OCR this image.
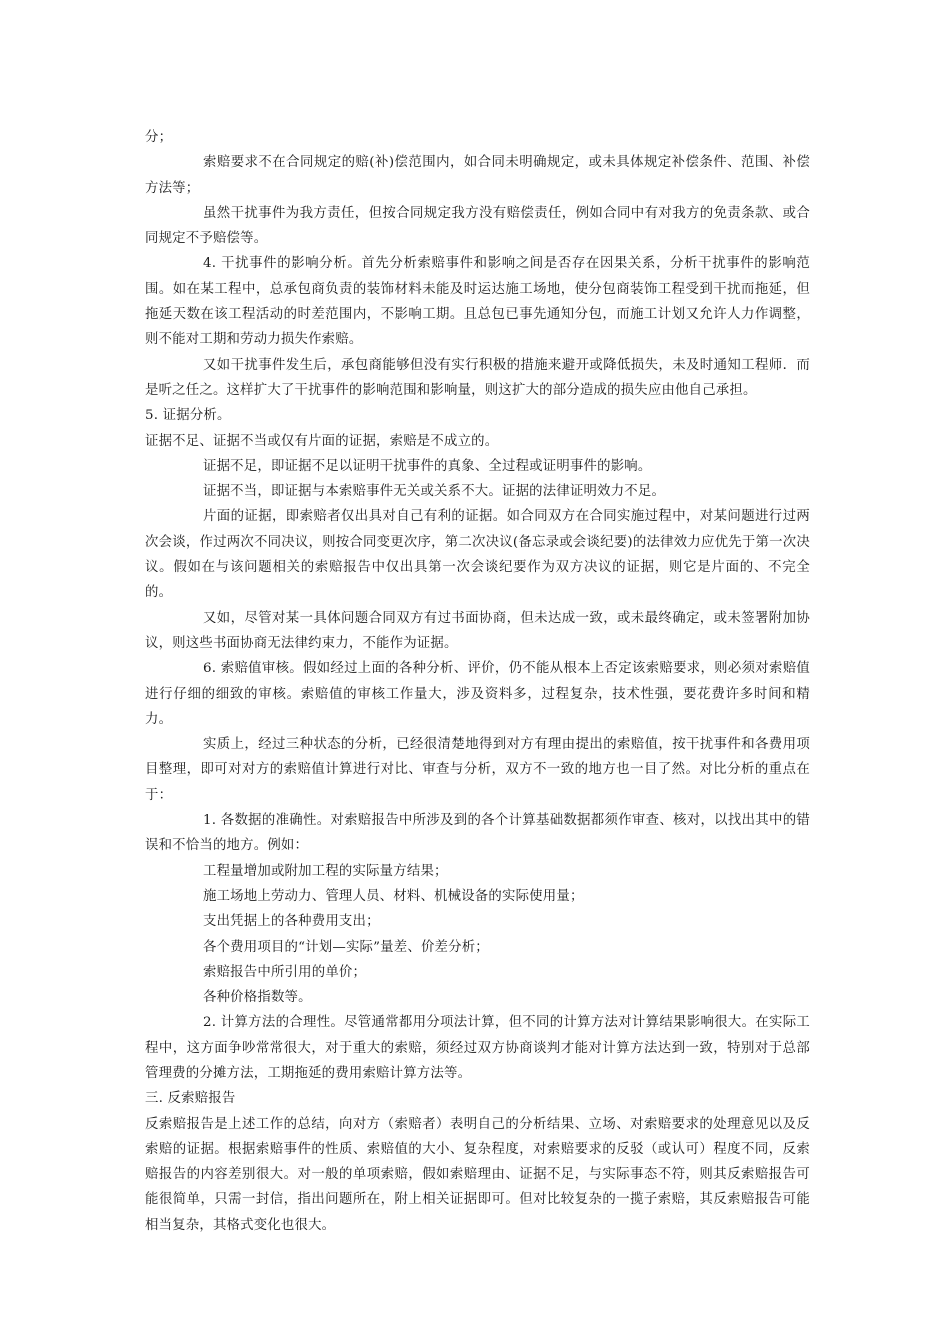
分；

索赔要求不在合同规定的赔(补)偿范围内，如合同未明确规定，或未具体规定补偿条件、范围、补偿方法等；

虽然干扰事件为我方责任，但按合同规定我方没有赔偿责任，例如合同中有对我方的免责条款、或合同规定不予赔偿等。

4. 干扰事件的影响分析。首先分析索赔事件和影响之间是否存在因果关系，分析干扰事件的影响范围。如在某工程中，总承包商负责的装饰材料未能及时运达施工场地，使分包商装饰工程受到干扰而拖延，但拖延天数在该工程活动的时差范围内，不影响工期。且总包已事先通知分包，而施工计划又允许人力作调整，则不能对工期和劳动力损失作索赔。

又如干扰事件发生后，承包商能够但没有实行积极的措施来避开或降低损失，未及时通知工程师．而是听之任之。这样扩大了干扰事件的影响范围和影响量，则这扩大的部分造成的损失应由他自己承担。

5. 证据分析。

证据不足、证据不当或仅有片面的证据，索赔是不成立的。

证据不足，即证据不足以证明干扰事件的真象、全过程或证明事件的影响。

证据不当，即证据与本索赔事件无关或关系不大。证据的法律证明效力不足。

片面的证据，即索赔者仅出具对自己有利的证据。如合同双方在合同实施过程中，对某问题进行过两次会谈，作过两次不同决议，则按合同变更次序，第二次决议(备忘录或会谈纪要)的法律效力应优先于第一次决议。假如在与该问题相关的索赔报告中仅出具第一次会谈纪要作为双方决议的证据，则它是片面的、不完全的。

又如，尽管对某一具体问题合同双方有过书面协商，但未达成一致，或未最终确定，或未签署附加协议，则这些书面协商无法律约束力，不能作为证据。

6. 索赔值审核。假如经过上面的各种分析、评价，仍不能从根本上否定该索赔要求，则必须对索赔值进行仔细的细致的审核。索赔值的审核工作量大，涉及资料多，过程复杂，技术性强，要花费许多时间和精力。

实质上，经过三种状态的分析，已经很清楚地得到对方有理由提出的索赔值，按干扰事件和各费用项目整理，即可对对方的索赔值计算进行对比、审查与分析，双方不一致的地方也一目了然。对比分析的重点在于：

1. 各数据的准确性。对索赔报告中所涉及到的各个计算基础数据都须作审查、核对，以找出其中的错误和不恰当的地方。例如：

工程量增加或附加工程的实际量方结果；

施工场地上劳动力、管理人员、材料、机械设备的实际使用量；

支出凭据上的各种费用支出；

各个费用项目的“计划—实际”量差、价差分析；

索赔报告中所引用的单价；

各种价格指数等。

2. 计算方法的合理性。尽管通常都用分项法计算，但不同的计算方法对计算结果影响很大。在实际工程中，这方面争吵常常很大，对于重大的索赔，须经过双方协商谈判才能对计算方法达到一致，特别对于总部管理费的分摊方法，工期拖延的费用索赔计算方法等。

三. 反索赔报告

反索赔报告是上述工作的总结，向对方（索赔者）表明自己的分析结果、立场、对索赔要求的处理意见以及反索赔的证据。根据索赔事件的性质、索赔值的大小、复杂程度，对索赔要求的反驳（或认可）程度不同，反索赔报告的内容差别很大。对一般的单项索赔，假如索赔理由、证据不足，与实际事态不符，则其反索赔报告可能很简单，只需一封信，指出问题所在，附上相关证据即可。但对比较复杂的一揽子索赔，其反索赔报告可能相当复杂，其格式变化也很大。
